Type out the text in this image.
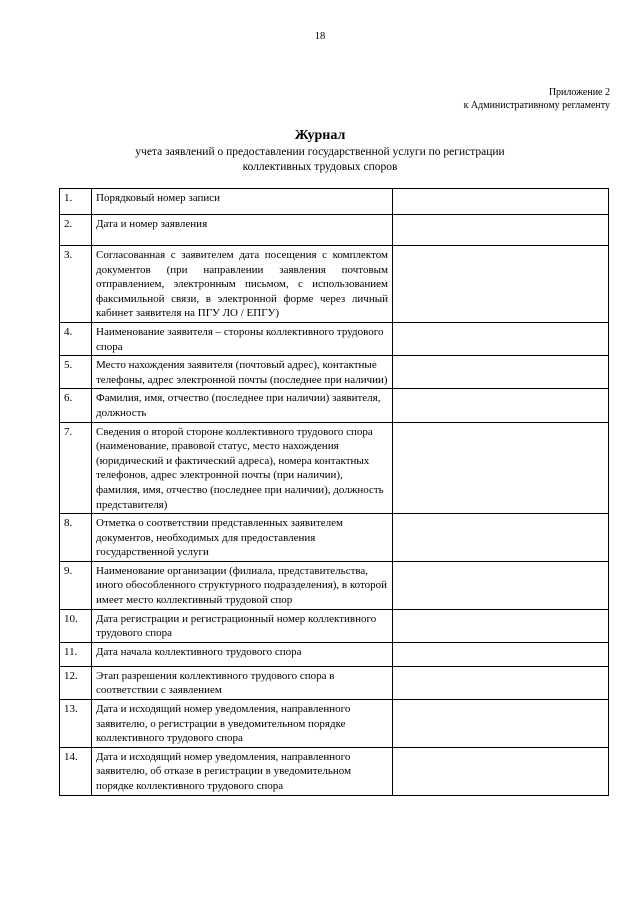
18
Приложение 2
к Административному регламенту
Журнал
учета заявлений о предоставлении государственной услуги по регистрации
коллективных трудовых споров
1.	Порядковый номер записи	
2.	Дата и номер заявления	
3.	Согласованная с заявителем дата посещения с комплектом документов (при направлении заявления почтовым отправлением, электронным письмом, с использованием факсимильной связи, в электронной форме через личный кабинет заявителя на ПГУ ЛО / ЕПГУ)	
4.	Наименование заявителя – стороны коллективного трудового спора	
5.	Место нахождения заявителя (почтовый адрес), контактные телефоны, адрес электронной почты (последнее при наличии)	
6.	Фамилия, имя, отчество (последнее при наличии) заявителя, должность	
7.	Сведения о второй стороне коллективного трудового спора (наименование, правовой статус, место нахождения (юридический и фактический адреса), номера контактных телефонов, адрес электронной почты (при наличии), фамилия, имя, отчество (последнее при наличии), должность представителя)	
8.	Отметка о соответствии представленных заявителем документов, необходимых для предоставления государственной услуги	
9.	Наименование организации (филиала, представительства, иного обособленного структурного подразделения), в которой имеет место коллективный трудовой спор	
10.	Дата регистрации и регистрационный номер коллективного трудового спора	
11.	Дата начала коллективного трудового спора	
12.	Этап разрешения коллективного трудового спора в соответствии с заявлением	
13.	Дата и исходящий номер уведомления, направленного заявителю, о регистрации в уведомительном порядке коллективного трудового спора	
14.	Дата и исходящий номер уведомления, направленного заявителю, об отказе в регистрации в уведомительном порядке коллективного трудового спора	
